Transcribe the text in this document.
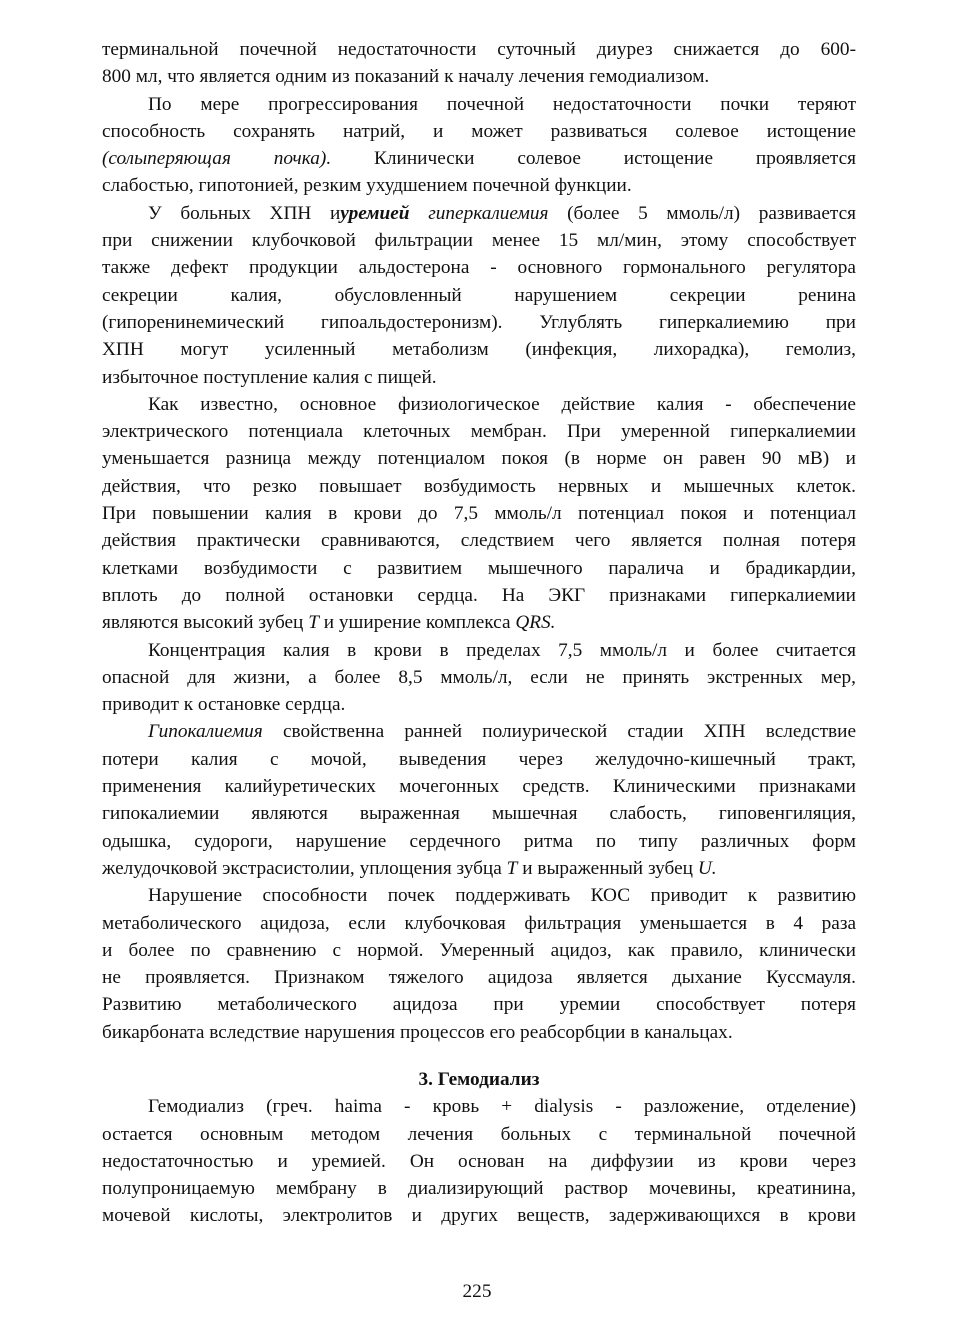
терминальной почечной недостаточности суточный диурез снижается до 600-
800 мл, что является одним из показаний к началу лечения гемодиализом.
По мере прогрессирования почечной недостаточности почки теряют
способность сохранять натрий, и может развиваться солевое истощение
(солыперяющая почка). Клинически солевое истощение проявляется
слабостью, гипотонией, резким ухудшением почечной функции.
У больных ХПН иуремией гиперкалиемия (более 5 ммоль/л) развивается
при снижении клубочковой фильтрации менее 15 мл/мин, этому способствует
также дефект продукции альдостерона - основного гормонального регулятора
секреции калия, обусловленный нарушением секреции ренина
(гипоренинемический гипоальдостеронизм). Углублять гиперкалиемию при
ХПН могут усиленный метаболизм (инфекция, лихорадка), гемолиз,
избыточное поступление калия с пищей.
Как известно, основное физиологическое действие калия - обеспечение
электрического потенциала клеточных мембран. При умеренной гиперкалиемии
уменьшается разница между потенциалом покоя (в норме он равен 90 мВ) и
действия, что резко повышает возбудимость нервных и мышечных клеток.
При повышении калия в крови до 7,5 ммоль/л потенциал покоя и потенциал
действия практически сравниваются, следствием чего является полная потеря
клетками возбудимости с развитием мышечного паралича и брадикардии,
вплоть до полной остановки сердца. На ЭКГ признаками гиперкалиемии
являются высокий зубец Т и уширение комплекса QRS.
Концентрация калия в крови в пределах 7,5 ммоль/л и более считается
опасной для жизни, а более 8,5 ммоль/л, если не принять экстренных мер,
приводит к остановке сердца.
Гипокалиемия свойственна ранней полиурической стадии ХПН вследствие
потери калия с мочой, выведения через желудочно-кишечный тракт,
применения калийуретических мочегонных средств. Клиническими признаками
гипокалиемии являются выраженная мышечная слабость, гиповенгиляция,
одышка, судороги, нарушение сердечного ритма по типу различных форм
желудочковой экстрасистолии, уплощения зубца Т и выраженный зубец U.
Нарушение способности почек поддерживать КОС приводит к развитию
метаболического ацидоза, если клубочковая фильтрация уменьшается в 4 раза
и более по сравнению с нормой. Умеренный ацидоз, как правило, клинически
не проявляется. Признаком тяжелого ацидоза является дыхание Куссмауля.
Развитию метаболического ацидоза при уремии способствует потеря
бикарбоната вследствие нарушения процессов его реабсорбции в канальцах.
3. Гемодиализ
Гемодиализ (греч. haima - кровь + dialysis - разложение, отделение)
остается основным методом лечения больных с терминальной почечной
недостаточностью и уремией. Он основан на диффузии из крови через
полупроницаемую мембрану в диализирующий раствор мочевины, креатинина,
мочевой кислоты, электролитов и других веществ, задерживающихся в крови
225
